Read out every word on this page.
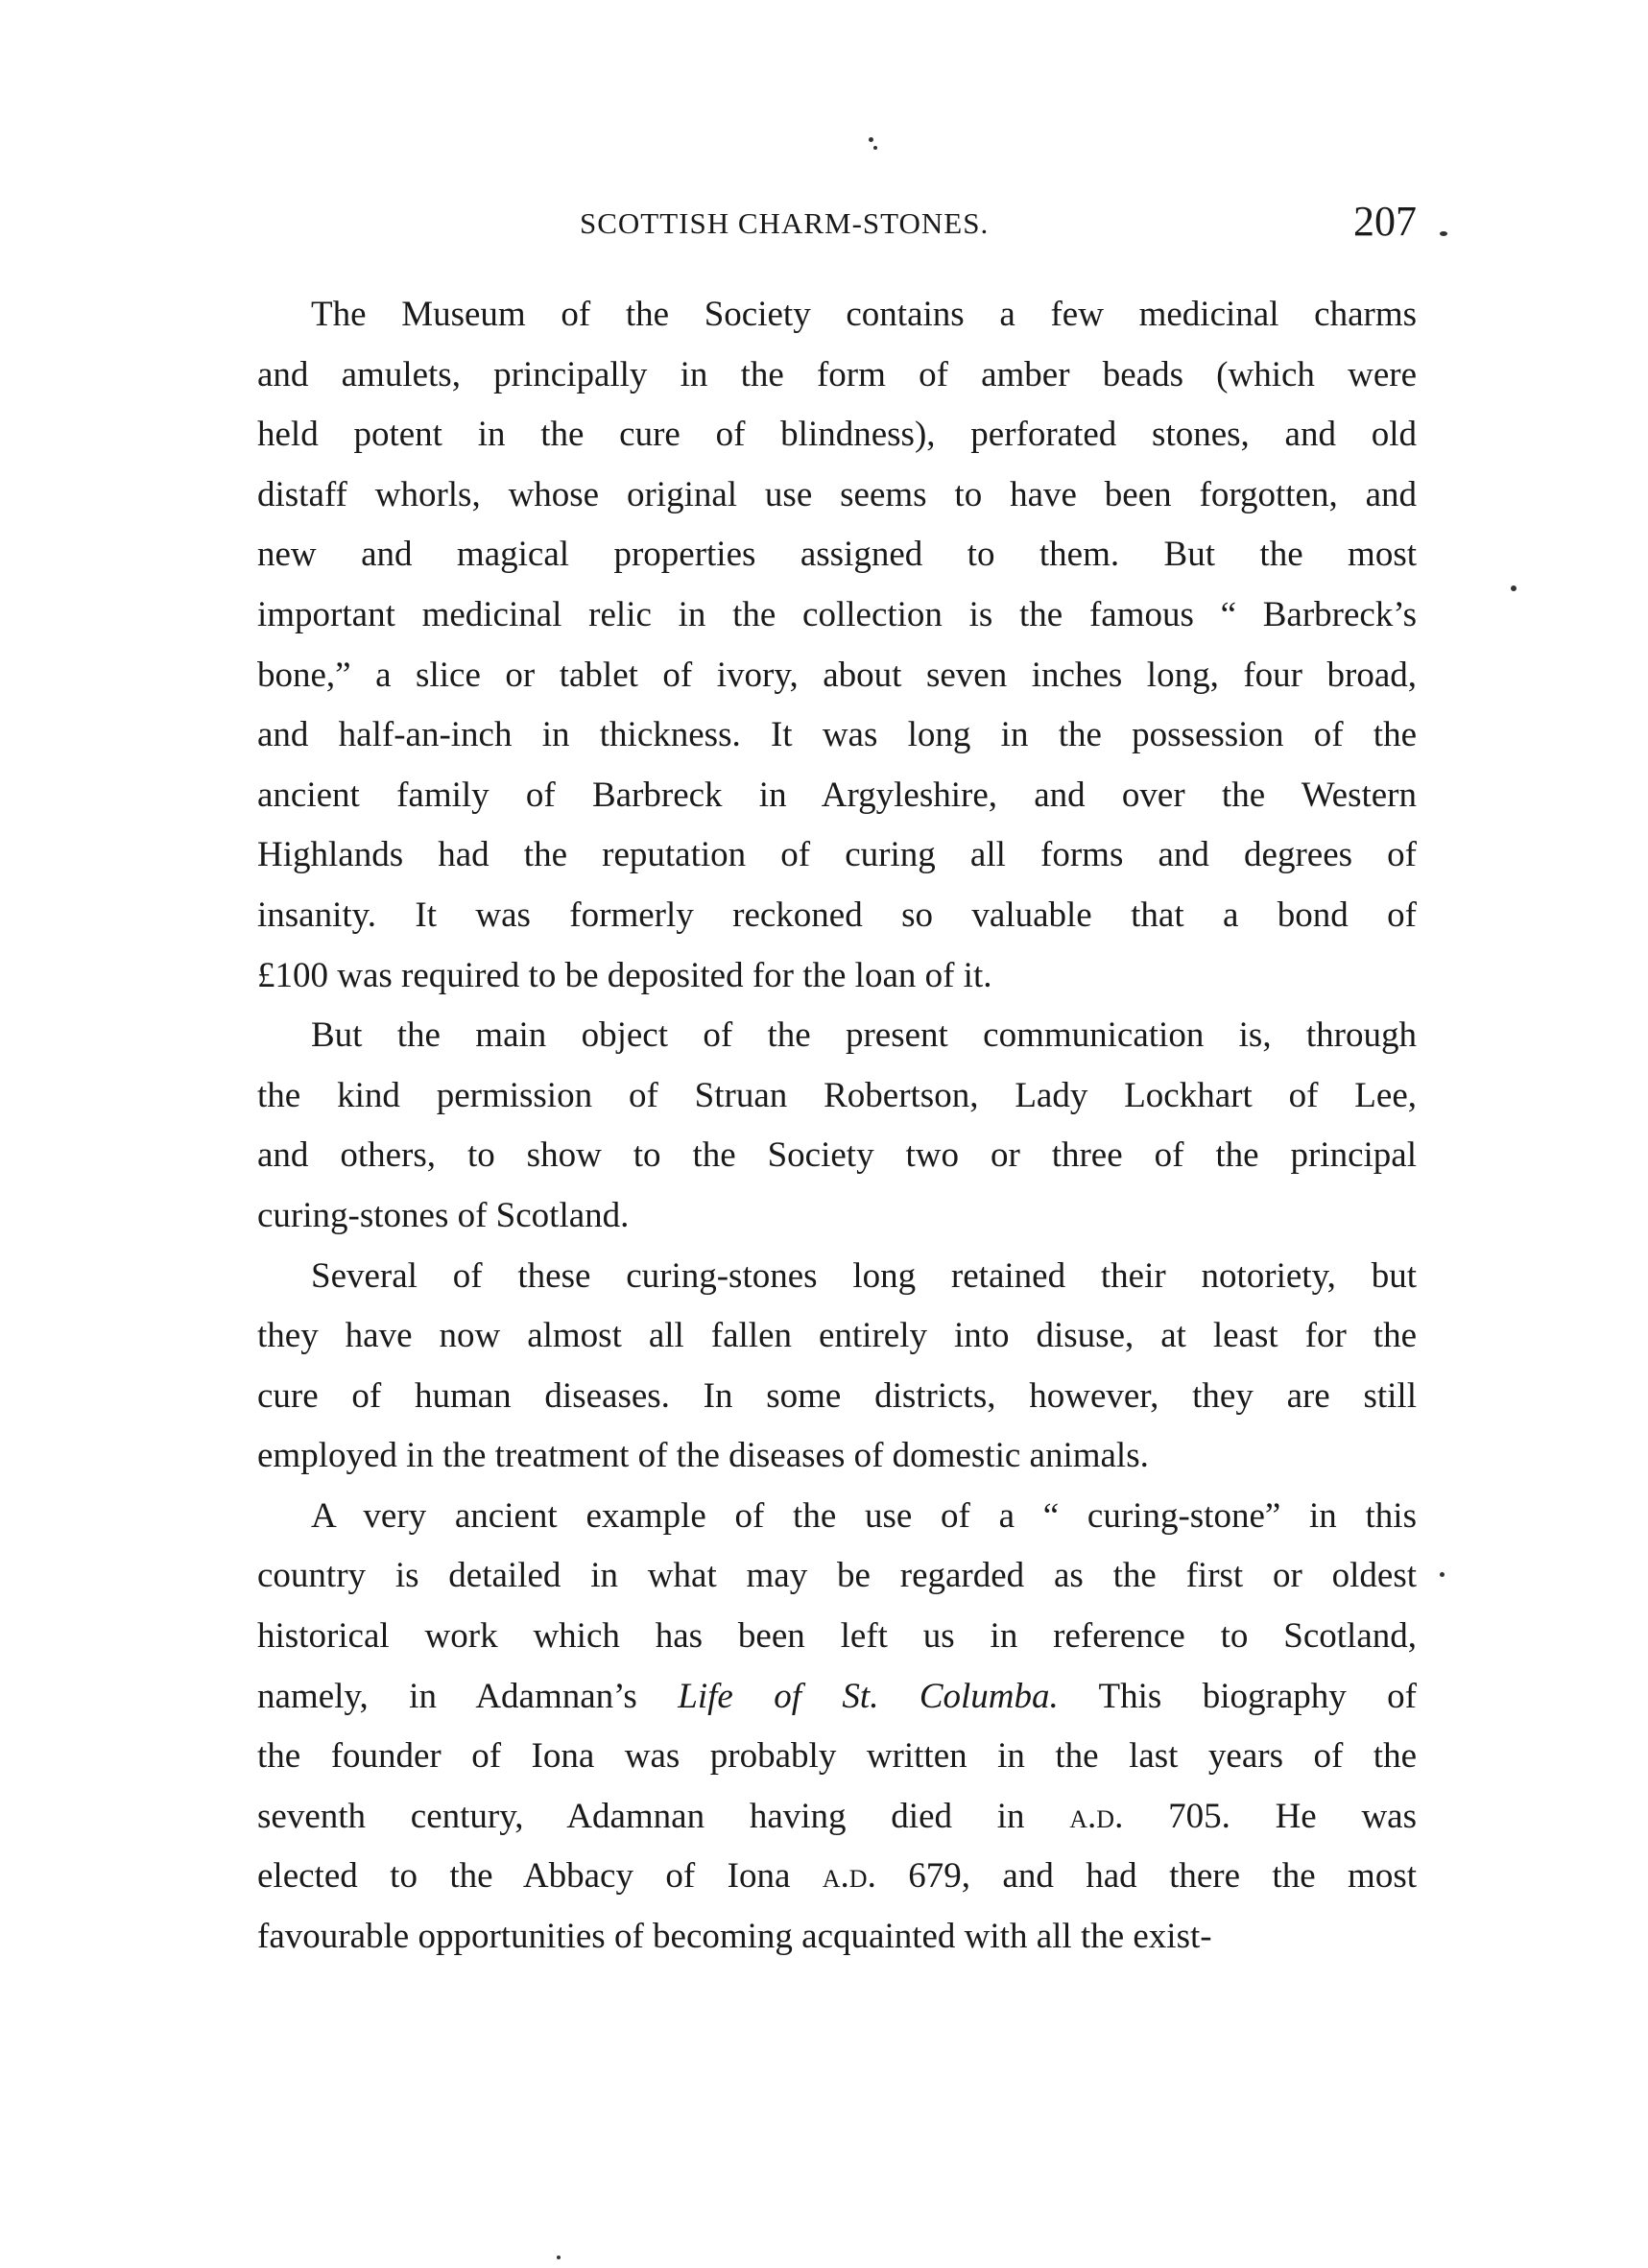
SCOTTISH CHARM-STONES.	207
The Museum of the Society contains a few medicinal charms
and amulets, principally in the form of amber beads (which were
held potent in the cure of blindness), perforated stones, and old
distaff whorls, whose original use seems to have been forgotten, and
new and magical properties assigned to them. But the most
important medicinal relic in the collection is the famous “ Barbreck’s
bone,” a slice or tablet of ivory, about seven inches long, four broad,
and half-an-inch in thickness. It was long in the possession of the
ancient family of Barbreck in Argyleshire, and over the Western
Highlands had the reputation of curing all forms and degrees of
insanity. It was formerly reckoned so valuable that a bond of
£100 was required to be deposited for the loan of it.
But the main object of the present communication is, through
the kind permission of Struan Robertson, Lady Lockhart of Lee,
and others, to show to the Society two or three of the principal
curing-stones of Scotland.
Several of these curing-stones long retained their notoriety, but
they have now almost all fallen entirely into disuse, at least for the
cure of human diseases. In some districts, however, they are still
employed in the treatment of the diseases of domestic animals.
A very ancient example of the use of a “ curing-stone” in this
country is detailed in what may be regarded as the first or oldest
historical work which has been left us in reference to Scotland,
namely, in Adamnan’s Life of St. Columba. This biography of
the founder of Iona was probably written in the last years of the
seventh century, Adamnan having died in a.d. 705. He was
elected to the Abbacy of Iona a.d. 679, and had there the most
favourable opportunities of becoming acquainted with all the exist-
